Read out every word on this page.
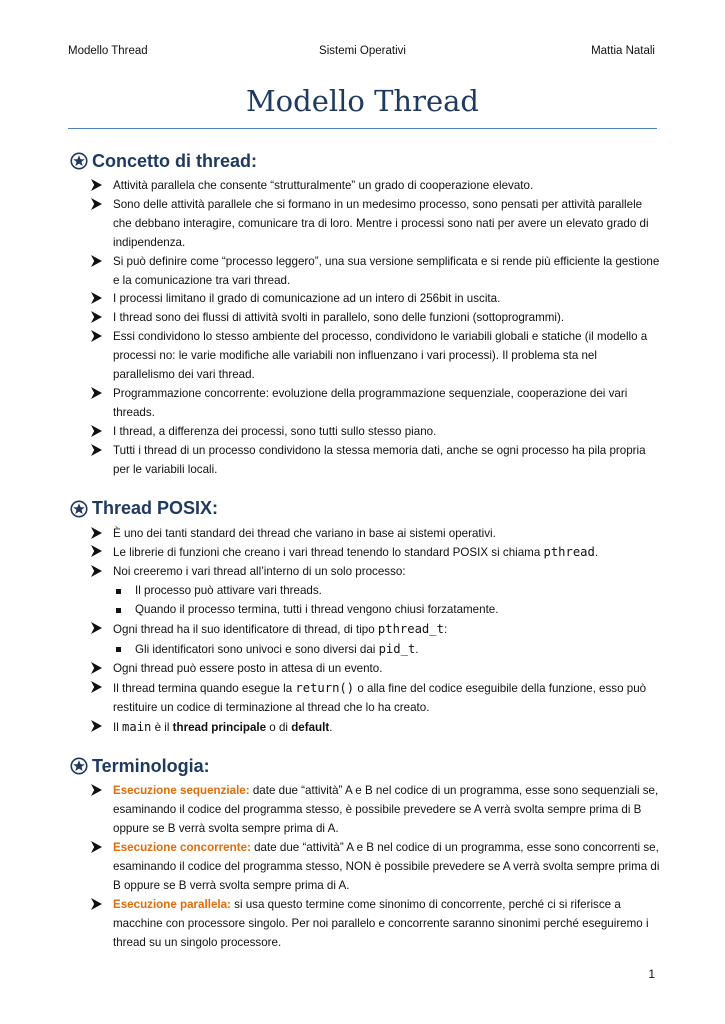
Modello Thread	Sistemi Operativi	Mattia Natali
Modello Thread
Concetto di thread:
Attività parallela che consente “strutturalmente” un grado di cooperazione elevato.
Sono delle attività parallele che si formano in un medesimo processo, sono pensati per attività parallele che debbano interagire, comunicare tra di loro. Mentre i processi sono nati per avere un elevato grado di indipendenza.
Si può definire come “processo leggero”, una sua versione semplificata e si rende più efficiente la gestione e la comunicazione tra vari thread.
I processi limitano il grado di comunicazione ad un intero di 256bit in uscita.
I thread sono dei flussi di attività svolti in parallelo, sono delle funzioni (sottoprogrammi).
Essi condividono lo stesso ambiente del processo, condividono le variabili globali e statiche (il modello a processi no: le varie modifiche alle variabili non influenzano i vari processi). Il problema sta nel parallelismo dei vari thread.
Programmazione concorrente: evoluzione della programmazione sequenziale, cooperazione dei vari threads.
I thread, a differenza dei processi, sono tutti sullo stesso piano.
Tutti i thread di un processo condividono la stessa memoria dati, anche se ogni processo ha pila propria per le variabili locali.
Thread POSIX:
È uno dei tanti standard dei thread che variano in base ai sistemi operativi.
Le librerie di funzioni che creano i vari thread tenendo lo standard POSIX si chiama pthread.
Noi creeremo i vari thread all’interno di un solo processo:
Il processo può attivare vari threads.
Quando il processo termina, tutti i thread vengono chiusi forzatamente.
Ogni thread ha il suo identificatore di thread, di tipo pthread_t:
Gli identificatori sono univoci e sono diversi dai pid_t.
Ogni thread può essere posto in attesa di un evento.
Il thread termina quando esegue la return() o alla fine del codice eseguibile della funzione, esso può restituire un codice di terminazione al thread che lo ha creato.
Il main è il thread principale o di default.
Terminologia:
Esecuzione sequenziale: date due “attività” A e B nel codice di un programma, esse sono sequenziali se, esaminando il codice del programma stesso, è possibile prevedere se A verrà svolta sempre prima di B oppure se B verrà svolta sempre prima di A.
Esecuzione concorrente: date due “attività” A e B nel codice di un programma, esse sono concorrenti se, esaminando il codice del programma stesso, NON è possibile prevedere se A verrà svolta sempre prima di B oppure se B verrà svolta sempre prima di A.
Esecuzione parallela: si usa questo termine come sinonimo di concorrente, perché ci si riferisce a macchine con processore singolo. Per noi parallelo e concorrente saranno sinonimi perché eseguiremo i thread su un singolo processore.
1
